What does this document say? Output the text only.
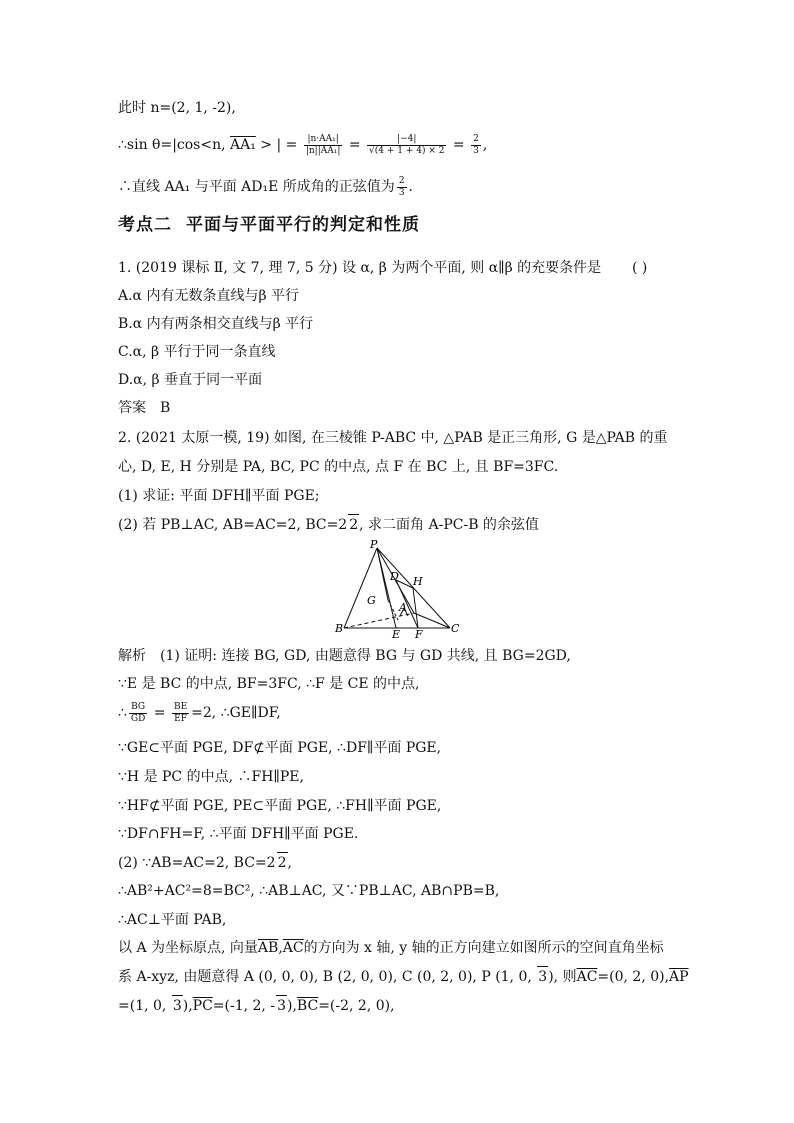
此时 n=(2, 1, -2),
∴sin θ=|cos<n, AA₁ > | = $\frac{\text{|n·AA₁|}}{\text{|n||AA₁|}} = \frac{|-4|}{√(4 + 1 + 4) \times 2} = \frac{2}{3}$ ,
∴直线 AA₁ 与平面 AD₁E 所成角的正弦值为 $\frac{2}{3}$ .
考点二 平面与平面平行的判定和性质
1. (2019 课标 Ⅱ, 文 7, 理 7, 5 分) 设 α, β 为两个平面, 则 α∥β 的充要条件是 ( )
A.α 内有无数条直线与β 平行
B.α 内有两条相交直线与β 平行
C.α, β 平行于同一条直线
D.α, β 垂直于同一平面
答案　B
2. (2021 太原一模, 19) 如图, 在三棱锥 P-ABC 中, △PAB 是正三角形, G 是△PAB 的重
心, D, E, H 分别是 PA, BC, PC 的中点, 点 F 在 BC 上, 且 BF=3FC.
(1) 求证: 平面 DFH∥平面 PGE;
(2) 若 PB⊥AC, AB=AC=2, BC=2 2, 求二面角 A-PC-B 的余弦值
P
D H
G
A
B	E F	C
解析　(1) 证明: 连接 BG, GD, 由题意得 BG 与 GD 共线, 且 BG=2GD,
∵E 是 BC 的中点, BF=3FC, ∴F 是 CE 的中点,
∴ $\frac{BG}{GD} = \frac{BE}{EF} =2$, ∴GE∥DF,
∵GE⊂平面 PGE, DF⊄平面 PGE, ∴DF∥平面 PGE,
∵H 是 PC 的中点, ∴FH∥PE,
∵HF⊄平面 PGE, PE⊂平面 PGE, ∴FH∥平面 PGE,
∵DF∩FH=F, ∴平面 DFH∥平面 PGE.
(2) ∵AB=AC=2, BC=2 2,
∴AB²+AC²=8=BC², ∴AB⊥AC, 又∵PB⊥AC, AB∩PB=B,
∴AC⊥平面 PAB,
以 A 为坐标原点, 向量$\overline{AB},\overline{AC}$的方向为 x 轴, y 轴的正方向建立如图所示的空间直角坐标
系 A-xyz, 由题意得 A (0, 0, 0), B (2, 0, 0), C (0, 2, 0), P (1, 0, 3), 则$\overline{AC}=(0$, 2, $0),\overline{AP}$
=(1, 0, $3),\overline{PC}=(-1$, 2, - $3),\overline{BC}=(-2$, 2, 0),
